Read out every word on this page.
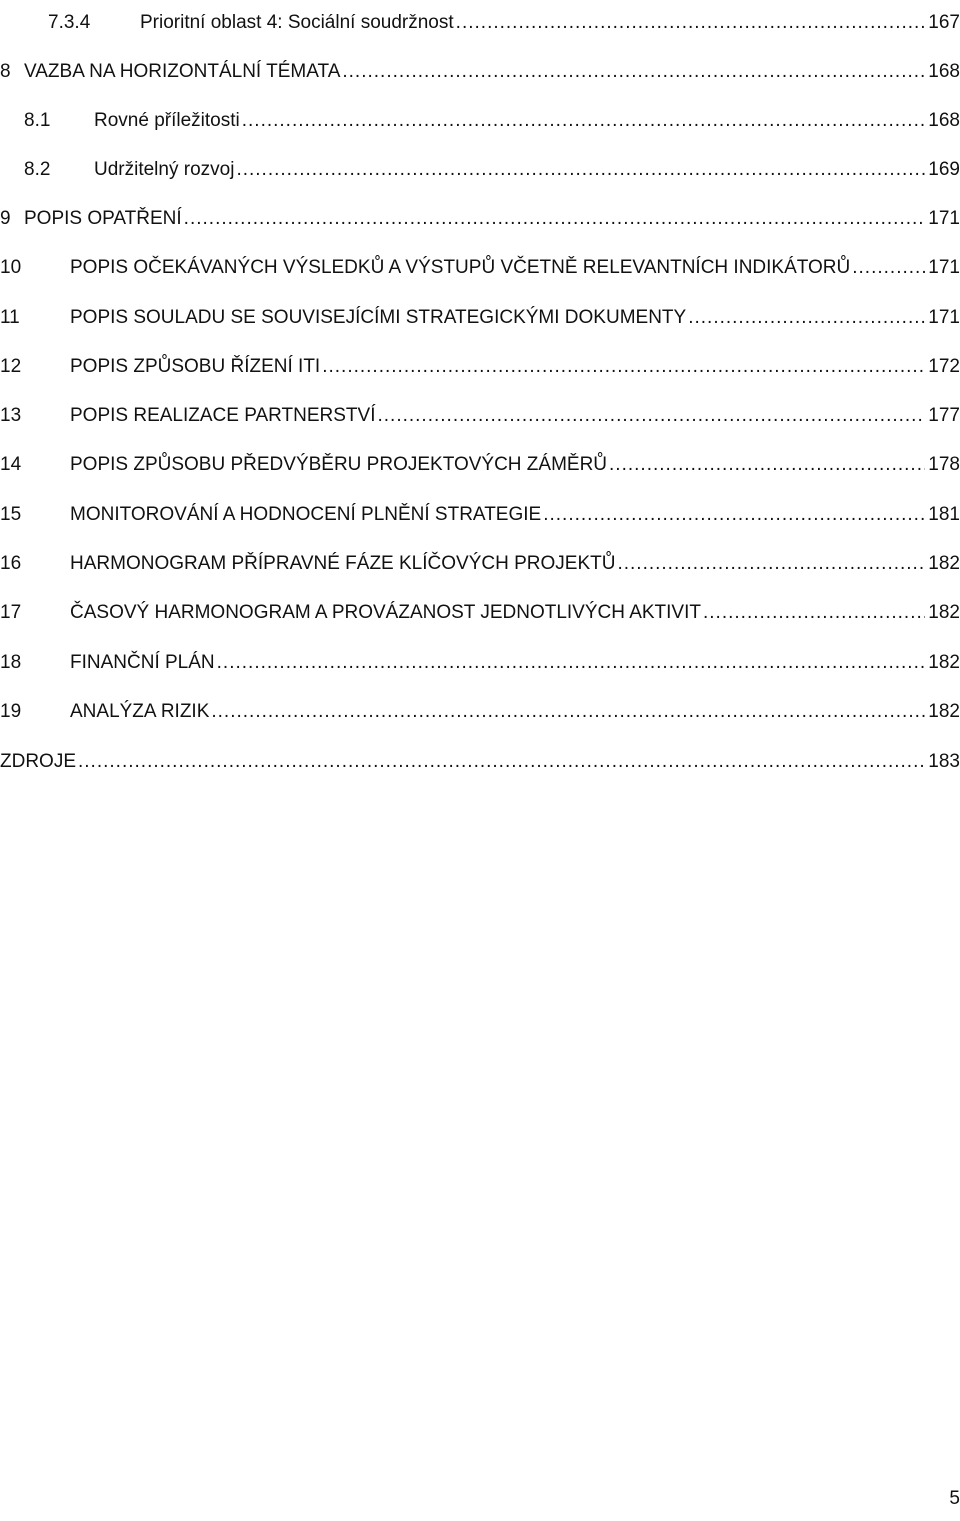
7.3.4	Prioritní oblast 4: Sociální soudržnost .....	167
8 VAZBA NA HORIZONTÁLNÍ TÉMATA .....	168
8.1	Rovné příležitosti .....	168
8.2	Udržitelný rozvoj .....	169
9 POPIS OPATŘENÍ .....	171
10	POPIS OČEKÁVANÝCH VÝSLEDKŮ A VÝSTUPŮ VČETNĚ RELEVANTNÍCH INDIKÁTORŮ .....	171
11	POPIS SOULADU SE SOUVISEJÍCÍMI STRATEGICKÝMI DOKUMENTY .....	171
12	POPIS ZPŮSOBU ŘÍZENÍ ITI .....	172
13	POPIS REALIZACE PARTNERSTVÍ .....	177
14	POPIS ZPŮSOBU PŘEDVÝBĚRU PROJEKTOVÝCH ZÁMĚRŮ .....	178
15	MONITOROVÁNÍ A HODNOCENÍ PLNĚNÍ STRATEGIE .....	181
16	HARMONOGRAM PŘÍPRAVNÉ FÁZE KLÍČOVÝCH PROJEKTŮ .....	182
17	ČASOVÝ HARMONOGRAM A PROVÁZANOST JEDNOTLIVÝCH AKTIVIT .....	182
18	FINANČNÍ PLÁN .....	182
19	ANALÝZA RIZIK .....	182
ZDROJE .....	183
5
